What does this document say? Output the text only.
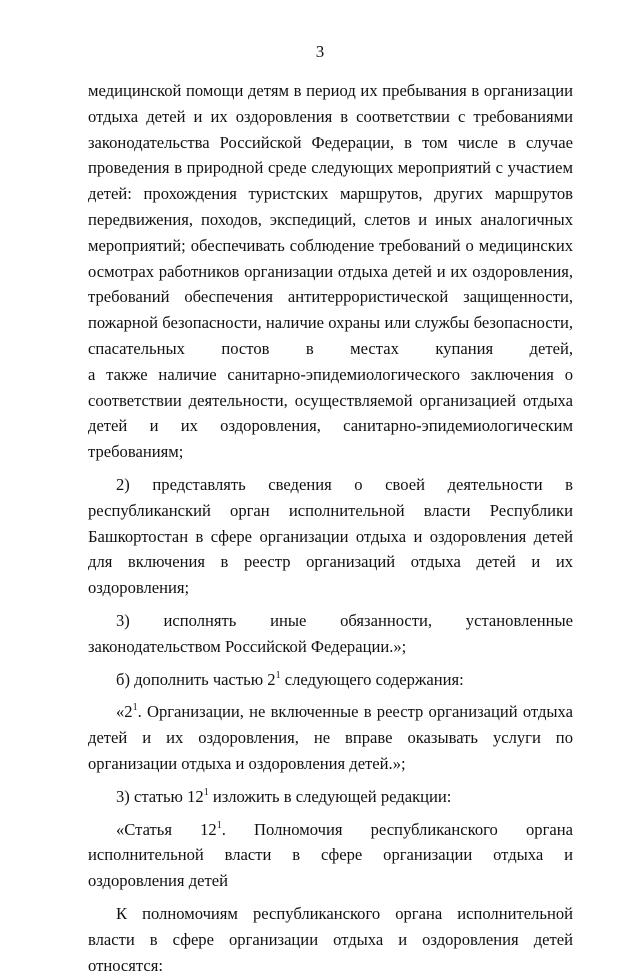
3
медицинской помощи детям в период их пребывания в организации отдыха детей и их оздоровления в соответствии с требованиями законодательства Российской Федерации, в том числе в случае проведения в природной среде следующих мероприятий с участием детей: прохождения туристских маршрутов, других маршрутов передвижения, походов, экспедиций, слетов и иных аналогичных мероприятий; обеспечивать соблюдение требований о медицинских осмотрах работников организации отдыха детей и их оздоровления, требований обеспечения антитеррористической защищенности, пожарной безопасности, наличие охраны или службы безопасности, спасательных постов в местах купания детей,
а также наличие санитарно-эпидемиологического заключения о
соответствии деятельности, осуществляемой организацией отдыха детей и их оздоровления, санитарно-эпидемиологическим требованиям;
2) представлять сведения о своей деятельности в республиканский орган исполнительной власти Республики Башкортостан в сфере организации отдыха и оздоровления детей для включения в реестр организаций отдыха детей и их оздоровления;
3) исполнять иные обязанности, установленные законодательством Российской Федерации.»;
б) дополнить частью $2^1$ следующего содержания:
«$2^1$. Организации, не включенные в реестр организаций отдыха детей и их оздоровления, не вправе оказывать услуги по организации отдыха и оздоровления детей.»;
3) статью $12^1$ изложить в следующей редакции:
«Статья $12^1$. Полномочия республиканского органа исполнительной власти в сфере организации отдыха и оздоровления детей
К полномочиям республиканского органа исполнительной власти в сфере организации отдыха и оздоровления детей относятся:
